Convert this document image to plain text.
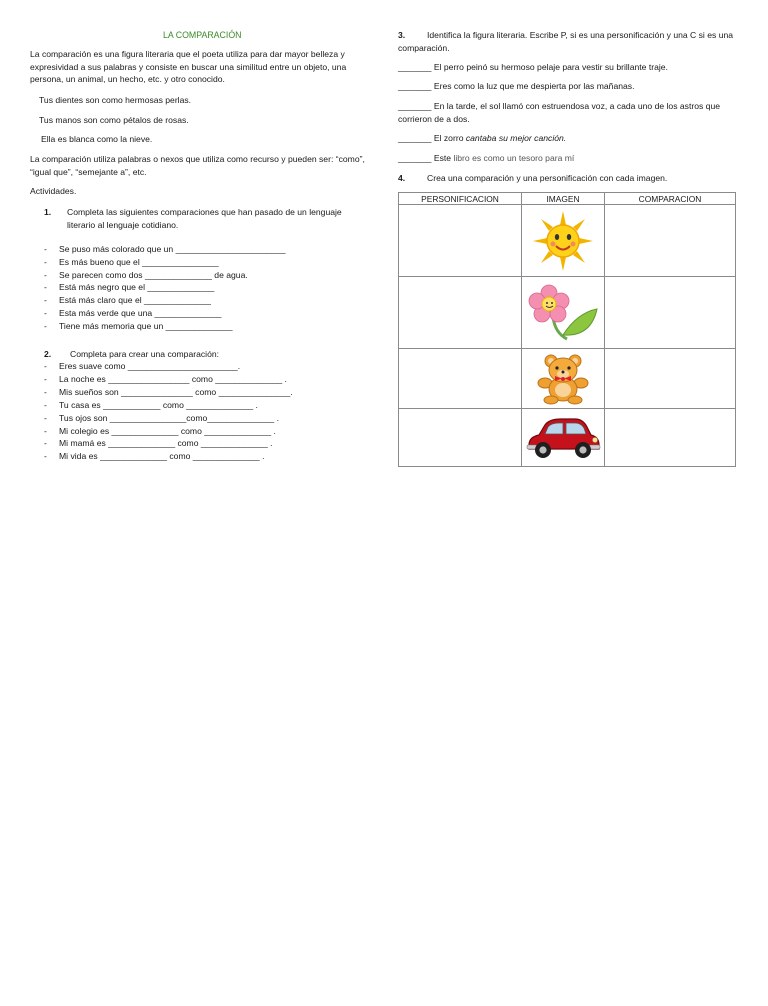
LA COMPARACIÓN
La comparación es una figura literaria que el poeta utiliza para dar mayor belleza y expresividad a sus palabras y consiste en buscar una similitud entre un objeto, una persona, un animal, un hecho, etc. y otro conocido.
Tus dientes son como hermosas perlas.
Tus manos son como pétalos de rosas.
Ella es blanca como la nieve.
La comparación utiliza palabras o nexos que utiliza como recurso y pueden ser: “como”, “igual que”, “semejante a”, etc.
Actividades.
1. Completa las siguientes comparaciones que han pasado de un lenguaje
literario al lenguaje cotidiano.
- Se puso más colorado que un _______________________
- Es más bueno que el ________________
- Se parecen como dos ______________ de agua.
- Está más negro que el ______________
- Está más claro que el ______________
- Esta más verde que una ______________
- Tiene más memoria que un ______________
2. Completa para crear una comparación:
- Eres suave como _______________________.
- La noche es _________________ como ______________ .
- Mis sueños son _______________ como _______________.
- Tu casa es ____________ como ______________ .
- Tus ojos son ________________como______________ .
- Mi colegio es ______________ como ______________ .
- Mi mamá es ______________ como ______________ .
- Mi vida es ______________ como ______________ .
3.	Identifica la figura literaria. Escribe P, si es una personificación y una C si es una
comparación.
_______ El perro peinó su hermoso pelaje para vestir su brillante traje.
_______ Eres como la luz que me despierta por las mañanas.
_______ En la tarde, el sol llamó con estruendosa voz, a cada uno de los astros que
corrieron de a dos.
_______ El zorro cantaba su mejor canción.
_______ Este libro es como un tesoro para mí
4.	Crea una comparación y una personificación con cada imagen.
PERSONIFICACION	IMAGEN	COMPARACION
